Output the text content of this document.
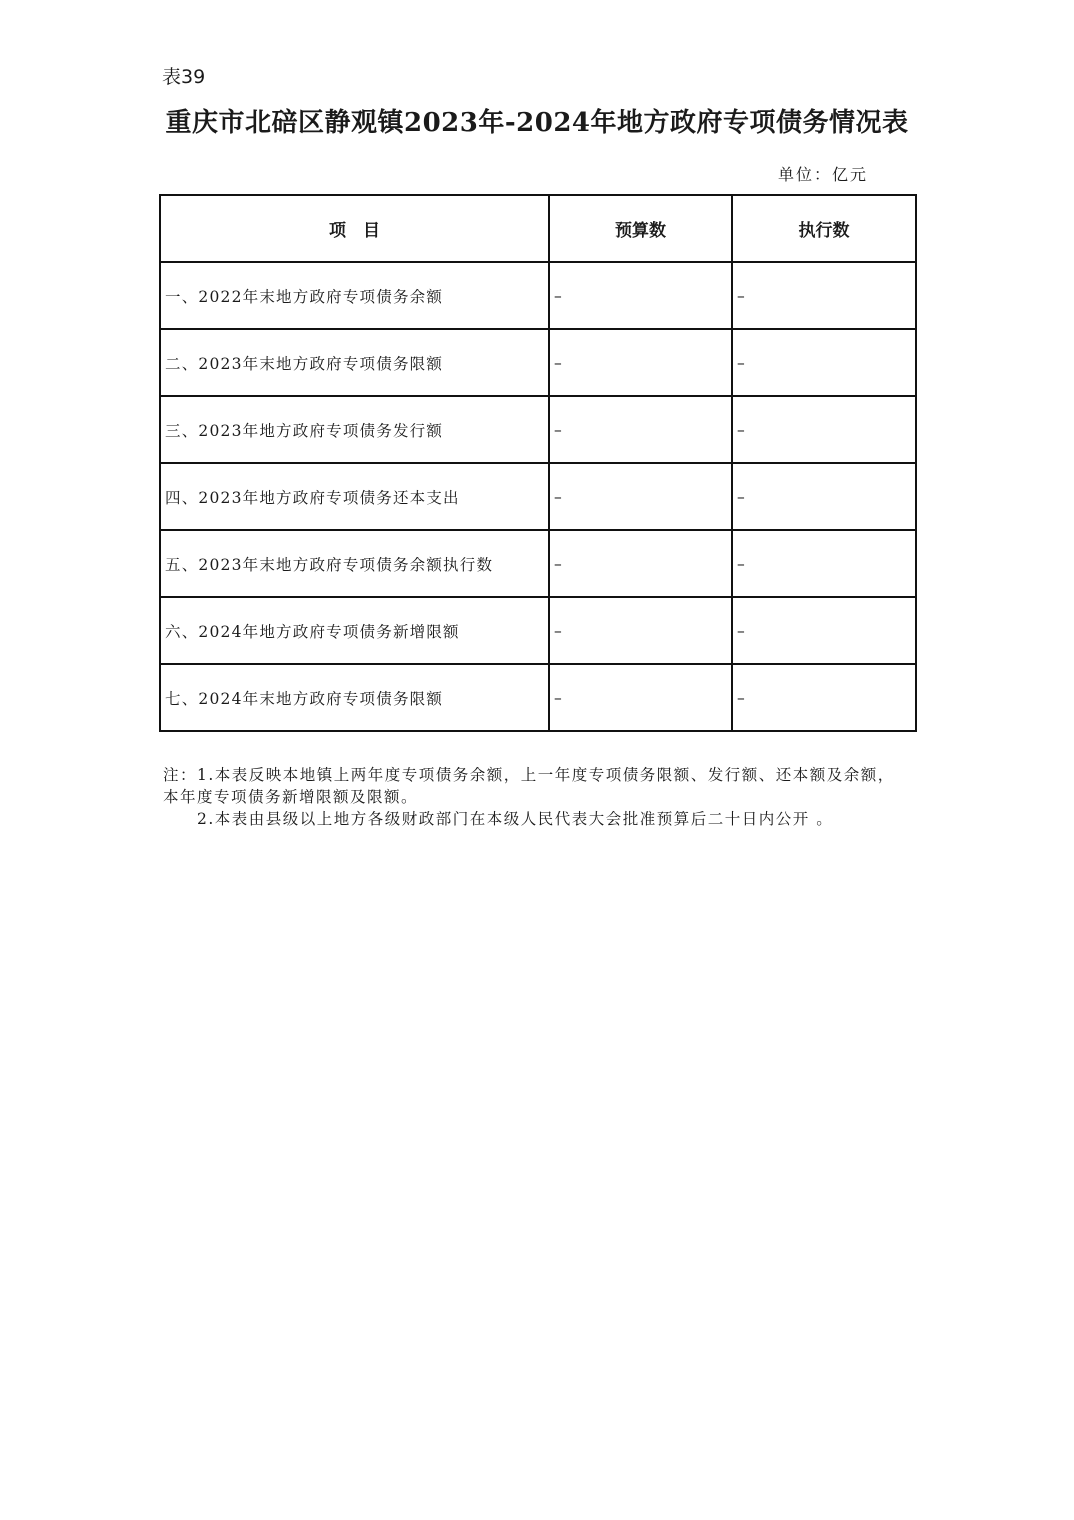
表39
重庆市北碚区静观镇2023年-2024年地方政府专项债务情况表
单位：亿元
项　目	预算数	执行数
一、2022年末地方政府专项债务余额	–	–
二、2023年末地方政府专项债务限额	–	–
三、2023年地方政府专项债务发行额	–	–
四、2023年地方政府专项债务还本支出	–	–
五、2023年末地方政府专项债务余额执行数	–	–
六、2024年地方政府专项债务新增限额	–	–
七、2024年末地方政府专项债务限额	–	–
注：1.本表反映本地镇上两年度专项债务余额，上一年度专项债务限额、发行额、还本额及余额，本年度专项债务新增限额及限额。
2.本表由县级以上地方各级财政部门在本级人民代表大会批准预算后二十日内公开 。
